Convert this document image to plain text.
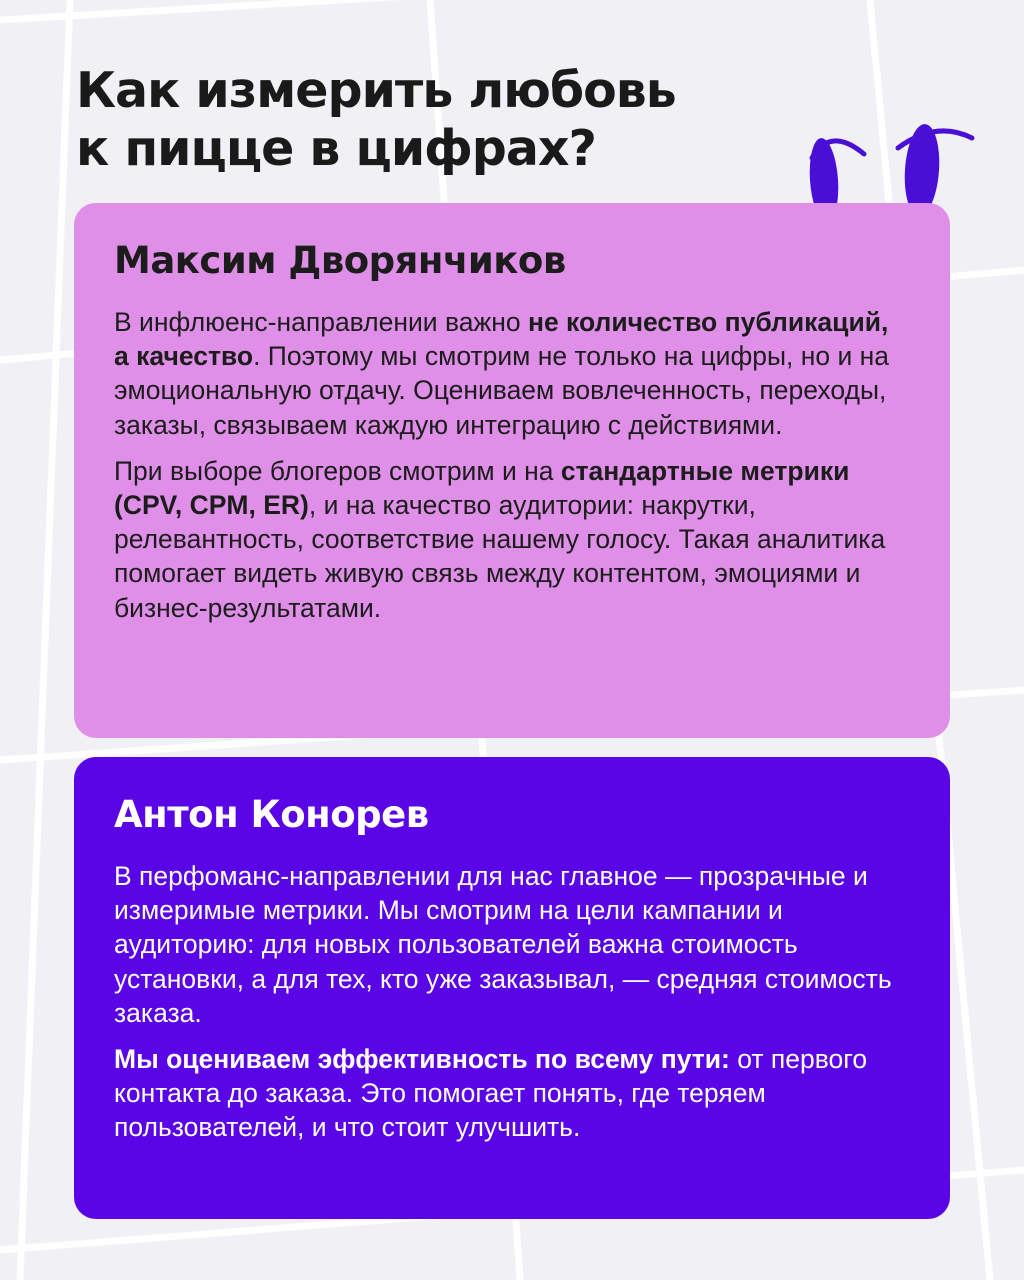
Как измерить любовь
к пицце в цифрах?
Максим Дворянчиков

В инфлюенс-направлении важно не количество публикаций, а качество. Поэтому мы смотрим не только на цифры, но и на эмоциональную отдачу. Оцениваем вовлеченность, переходы, заказы, связываем каждую интеграцию с действиями.

При выборе блогеров смотрим и на стандартные метрики (CPV, CPM, ER), и на качество аудитории: накрутки, релевантность, соответствие нашему голосу. Такая аналитика помогает видеть живую связь между контентом, эмоциями и бизнес-результатами.

Антон Конорев

В перфоманс-направлении для нас главное — прозрачные и измеримые метрики. Мы смотрим на цели кампании и аудиторию: для новых пользователей важна стоимость установки, а для тех, кто уже заказывал, — средняя стоимость заказа.

Мы оцениваем эффективность по всему пути: от первого контакта до заказа. Это помогает понять, где теряем пользователей, и что стоит улучшить.
